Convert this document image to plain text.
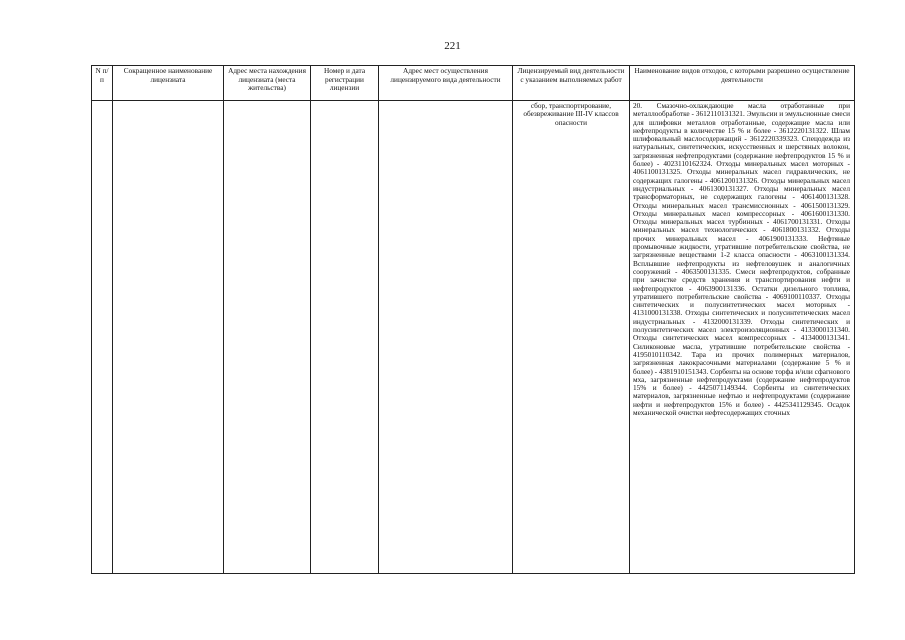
221
N п/п	Сокращенное наименование лицензиата	Адрес места нахождения лицензиата (места жительства)	Номер и дата регистрации лицензии	Адрес мест осуществления лицензируемого вида деятельности	Лицензируемый вид деятельности с указанием выполняемых работ	Наименование видов отходов, с которыми разрешено осуществление деятельности
					сбор, транспортирование, обезвреживание III-IV классов опасности	20. Смазочно-охлаждающие масла отработанные при металлообработке - 3612110131321. Эмульсии и эмульсионные смеси для шлифовки металлов отработанные, содержащие масла или нефтепродукты в количестве 15 % и более - 3612220131322. Шлам шлифовальный маслосодержащий - 3612220339323. Спецодежда из натуральных, синтетических, искусственных и шерстяных волокон, загрязненная нефтепродуктами (содержание нефтепродуктов 15 % и более) - 4023110162324. Отходы минеральных масел моторных - 4061100131325. Отходы минеральных масел гидравлических, не содержащих галогены - 4061200131326. Отходы минеральных масел индустриальных - 4061300131327. Отходы минеральных масел трансформаторных, не содержащих галогены - 4061400131328. Отходы минеральных масел трансмиссионных - 4061500131329. Отходы минеральных масел компрессорных - 4061600131330. Отходы минеральных масел турбинных - 4061700131331. Отходы минеральных масел технологических - 4061800131332. Отходы прочих минеральных масел - 4061900131333. Нефтяные промывочные жидкости, утратившие потребительские свойства, не загрязненные веществами 1-2 класса опасности - 4063100131334. Всплывшие нефтепродукты из нефтеловушек и аналогичных сооружений - 4063500131335. Смеси нефтепродуктов, собранные при зачистке средств хранения и транспортирования нефти и нефтепродуктов - 4063900131336. Остатки дизельного топлива, утратившего потребительские свойства - 4069100110337. Отходы синтетических и полусинтетических масел моторных - 4131000131338. Отходы синтетических и полусинтетических масел индустриальных - 4132000131339. Отходы синтетических и полусинтетических масел электроизоляционных - 4133000131340. Отходы синтетических масел компрессорных - 4134000131341. Силиконовые масла, утратившие потребительские свойства - 4195010110342. Тара из прочих полимерных материалов, загрязненная лакокрасочными материалами (содержание 5 % и более) - 4381910151343. Сорбенты на основе торфа и/или сфагнового мха, загрязненные нефтепродуктами (содержание нефтепродуктов 15% и более) - 4425071149344. Сорбенты из синтетических материалов, загрязненные нефтью и нефтепродуктами (содержание нефти и нефтепродуктов 15% и более) - 4425341129345. Осадок механической очистки нефтесодержащих сточных
